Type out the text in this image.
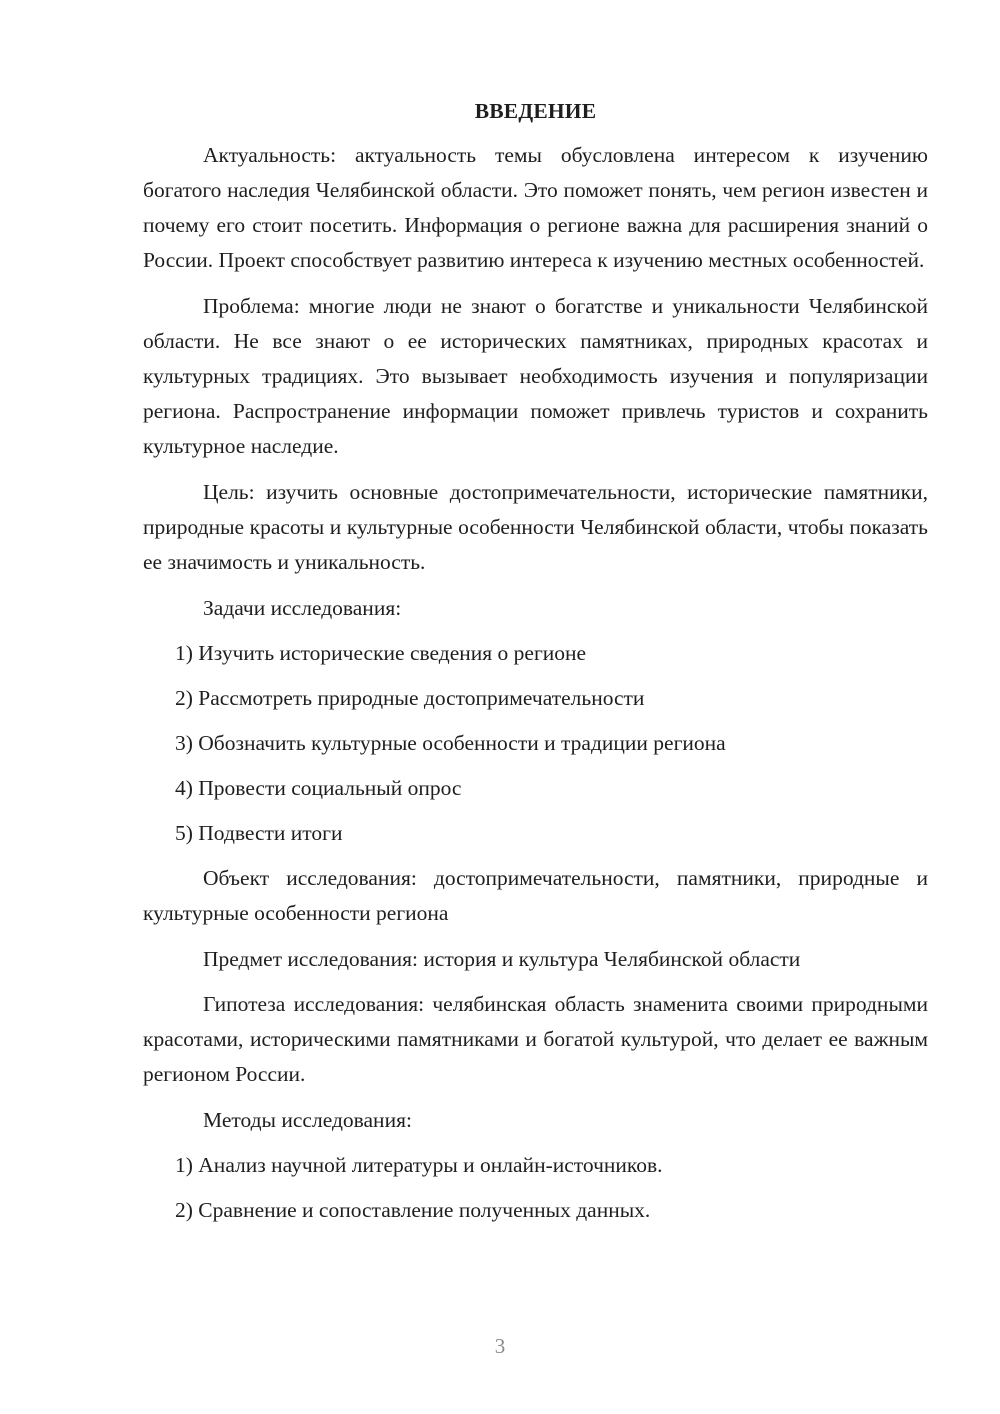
ВВЕДЕНИЕ

Актуальность: актуальность темы обусловлена интересом к изучению богатого наследия Челябинской области. Это поможет понять, чем регион известен и почему его стоит посетить. Информация о регионе важна для расширения знаний о России. Проект способствует развитию интереса к изучению местных особенностей.

Проблема: многие люди не знают о богатстве и уникальности Челябинской области. Не все знают о ее исторических памятниках, природных красотах и культурных традициях. Это вызывает необходимость изучения и популяризации региона. Распространение информации поможет привлечь туристов и сохранить культурное наследие.

Цель: изучить основные достопримечательности, исторические памятники, природные красоты и культурные особенности Челябинской области, чтобы показать ее значимость и уникальность.

Задачи исследования:

1) Изучить исторические сведения о регионе
2) Рассмотреть природные достопримечательности
3) Обозначить культурные особенности и традиции региона
4) Провести социальный опрос
5) Подвести итоги

Объект исследования: достопримечательности, памятники, природные и культурные особенности региона

Предмет исследования: история и культура Челябинской области

Гипотеза исследования: челябинская область знаменита своими природными красотами, историческими памятниками и богатой культурой, что делает ее важным регионом России.

Методы исследования:

1) Анализ научной литературы и онлайн-источников.
2) Сравнение и сопоставление полученных данных.
3
